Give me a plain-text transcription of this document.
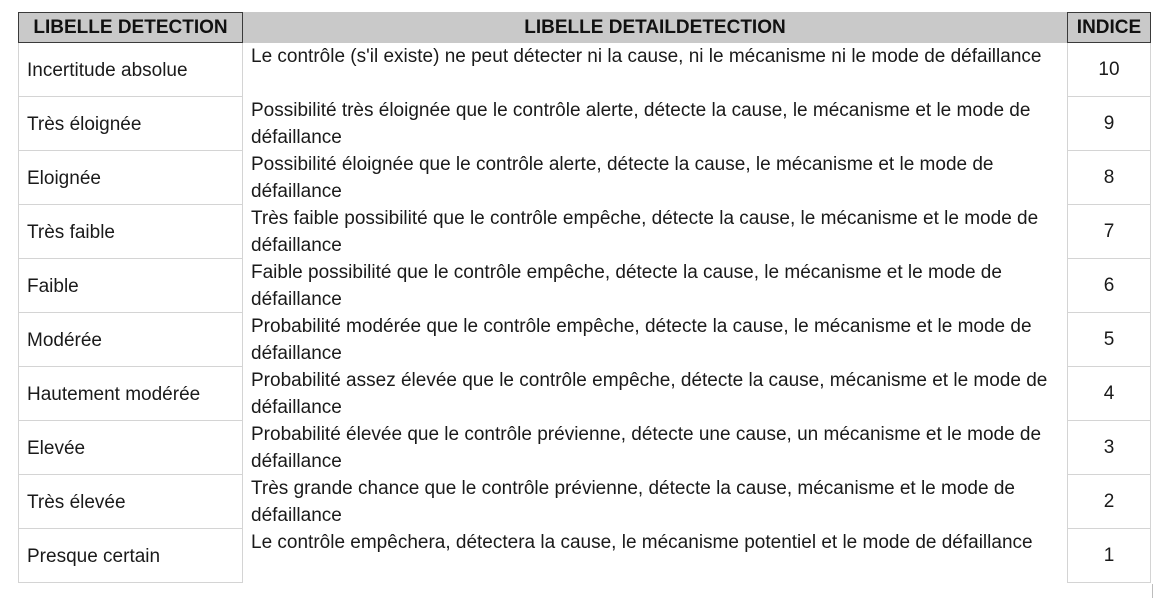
LIBELLE DETECTION	LIBELLE DETAILDETECTION	INDICE
Incertitude absolue
Le contrôle (s'il existe) ne peut détecter ni la cause, ni le mécanisme ni le mode de défaillance
10
Très éloignée
Possibilité très éloignée que le contrôle alerte, détecte la cause, le mécanisme et le mode de défaillance
9
Eloignée
Possibilité éloignée que le contrôle alerte, détecte la cause, le mécanisme et le mode de défaillance
8
Très faible
Très faible possibilité que le contrôle empêche, détecte la cause, le mécanisme et le mode de défaillance
7
Faible
Faible possibilité que le contrôle empêche, détecte la cause, le mécanisme et le mode de défaillance
6
Modérée
Probabilité modérée que le contrôle empêche, détecte la cause, le mécanisme et le mode de défaillance
5
Hautement modérée
Probabilité assez élevée que le contrôle empêche, détecte la cause, mécanisme et le mode de défaillance
4
Elevée
Probabilité élevée que le contrôle prévienne, détecte une cause, un mécanisme et le mode de défaillance
3
Très élevée
Très grande chance que le contrôle prévienne, détecte la cause, mécanisme et le mode de défaillance
2
Presque certain
Le contrôle empêchera, détectera la cause, le mécanisme potentiel et le mode de défaillance
1
